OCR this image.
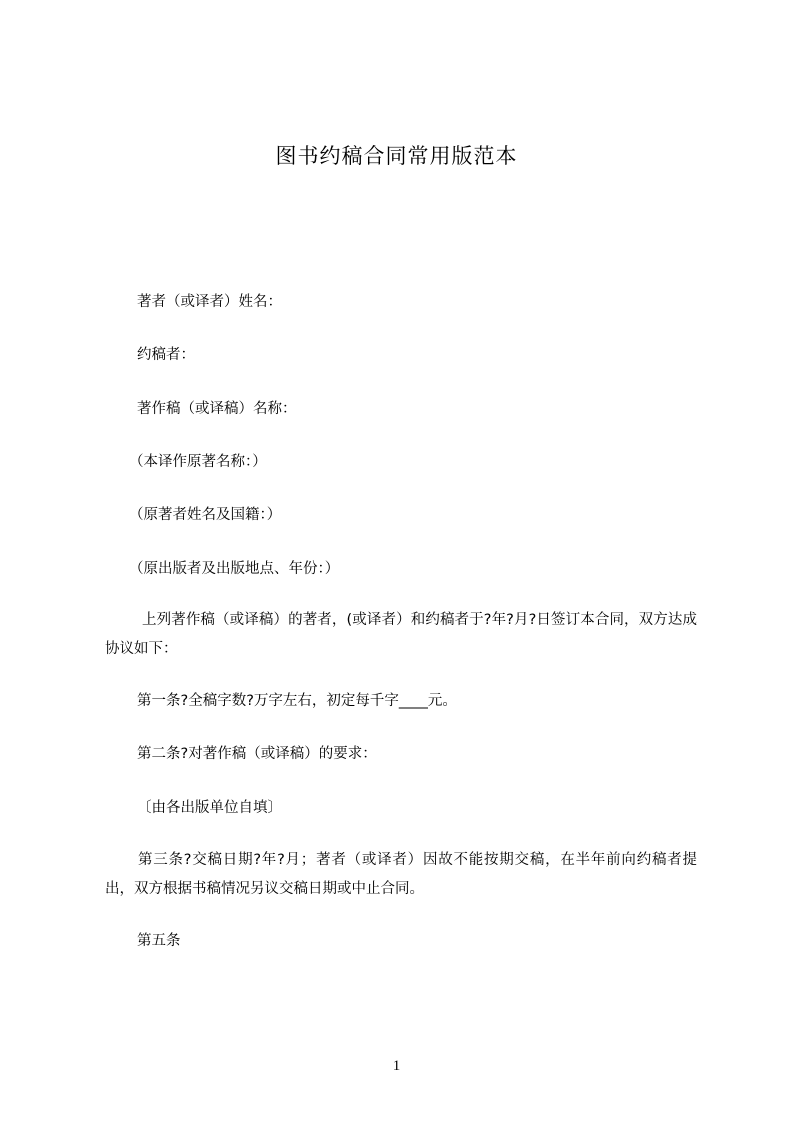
图书约稿合同常用版范本
著者（或译者）姓名：
约稿者：
著作稿（或译稿）名称：
（本译作原著名称：）
（原著者姓名及国籍：）
（原出版者及出版地点、年份：）
上列著作稿（或译稿）的著者，(或译者）和约稿者于?年?月?日签订本合同，双方达成协议如下：
第一条?全稿字数?万字左右，初定每千字____元。
第二条?对著作稿（或译稿）的要求：
〔由各出版单位自填〕
第三条?交稿日期?年?月；著者（或译者）因故不能按期交稿，在半年前向约稿者提出，双方根据书稿情况另议交稿日期或中止合同。
第五条
1
